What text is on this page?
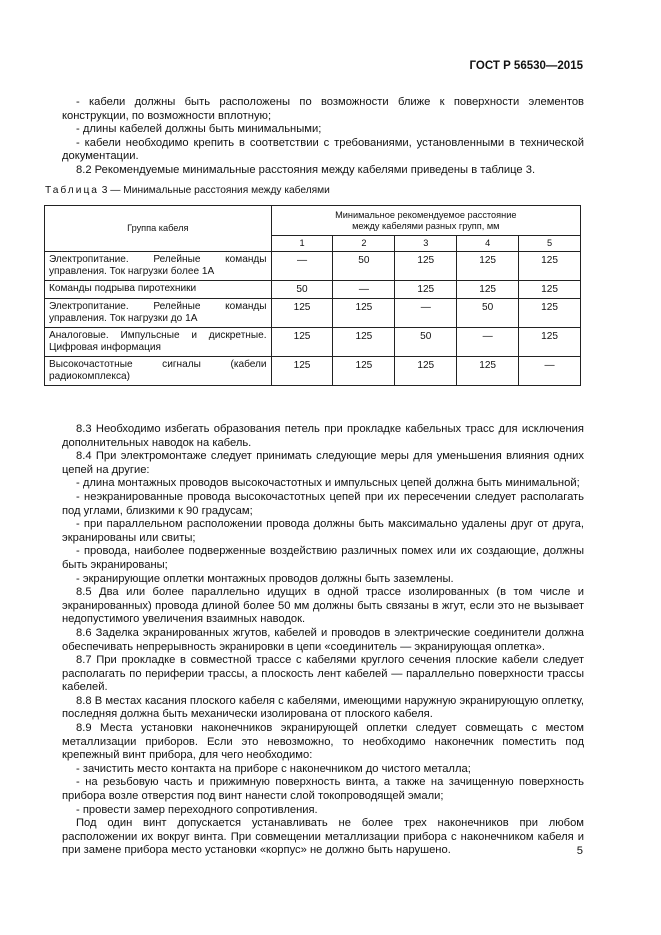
ГОСТ Р 56530—2015

- кабели должны быть расположены по возможности ближе к поверхности элементов конструкции, по возможности вплотную;

- длины кабелей должны быть минимальными;

- кабели необходимо крепить в соответствии с требованиями, установленными в технической документации.

8.2 Рекомендуемые минимальные расстояния между кабелями приведены в таблице 3.

Таблица 3 — Минимальные расстояния между кабелями
Группа кабеля	Минимальное рекомендуемое расстояние
между кабелями разных групп, мм				
	1	2	3	4	5
Электропитание. Релейные команды управления. Ток нагрузки более 1А	—	50	125	125	125
Команды подрыва пиротехники	50	—	125	125	125
Электропитание. Релейные команды управления. Ток нагрузки до 1А	125	125	—	50	125
Аналоговые. Импульсные и дискретные. Цифровая информация	125	125	50	—	125
Высокочастотные сигналы (кабели радиокомплекса)	125	125	125	125	—

8.3 Необходимо избегать образования петель при прокладке кабельных трасс для исключения дополнительных наводок на кабель.

8.4 При электромонтаже следует принимать следующие меры для уменьшения влияния одних цепей на другие:

- длина монтажных проводов высокочастотных и импульсных цепей должна быть минимальной;

- неэкранированные провода высокочастотных цепей при их пересечении следует располагать под углами, близкими к 90 градусам;

- при параллельном расположении провода должны быть максимально удалены друг от друга, экранированы или свиты;

- провода, наиболее подверженные воздействию различных помех или их создающие, должны быть экранированы;

- экранирующие оплетки монтажных проводов должны быть заземлены.

8.5 Два или более параллельно идущих в одной трассе изолированных (в том числе и экранированных) провода длиной более 50 мм должны быть связаны в жгут, если это не вызывает недопустимого увеличения взаимных наводок.

8.6 Заделка экранированных жгутов, кабелей и проводов в электрические соединители должна обеспечивать непрерывность экранировки в цепи «соединитель — экранирующая оплетка».

8.7 При прокладке в совместной трассе с кабелями круглого сечения плоские кабели следует располагать по периферии трассы, а плоскость лент кабелей — параллельно поверхности трассы кабелей.

8.8 В местах касания плоского кабеля с кабелями, имеющими наружную экранирующую оплетку, последняя должна быть механически изолирована от плоского кабеля.

8.9 Места установки наконечников экранирующей оплетки следует совмещать с местом металлизации приборов. Если это невозможно, то необходимо наконечник поместить под крепежный винт прибора, для чего необходимо:

- зачистить место контакта на приборе с наконечником до чистого металла;

- на резьбовую часть и прижимную поверхность винта, а также на зачищенную поверхность прибора возле отверстия под винт нанести слой токопроводящей эмали;

- провести замер переходного сопротивления.

Под один винт допускается устанавливать не более трех наконечников при любом расположении их вокруг винта. При совмещении металлизации прибора с наконечником кабеля и при замене прибора место установки «корпус» не должно быть нарушено.	5
